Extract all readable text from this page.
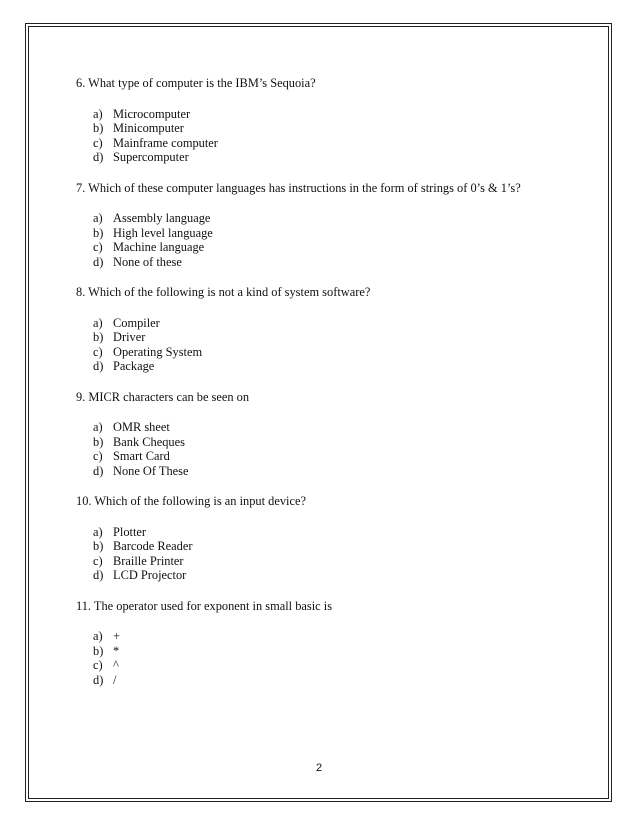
6. What type of computer is the IBM’s Sequoia?

a) Microcomputer
b) Minicomputer
c) Mainframe computer
d) Supercomputer

7. Which of these computer languages has instructions in the form of strings of 0’s & 1’s?

a) Assembly language
b) High level language
c) Machine language
d) None of these

8. Which of the following is not a kind of system software?

a) Compiler
b) Driver
c) Operating System
d) Package

9. MICR characters can be seen on

a) OMR sheet
b) Bank Cheques
c) Smart Card
d) None Of These

10. Which of the following is an input device?

a) Plotter
b) Barcode Reader
c) Braille Printer
d) LCD Projector

11. The operator used for exponent in small basic is

a) +
b) *
c) ^
d) /
2
